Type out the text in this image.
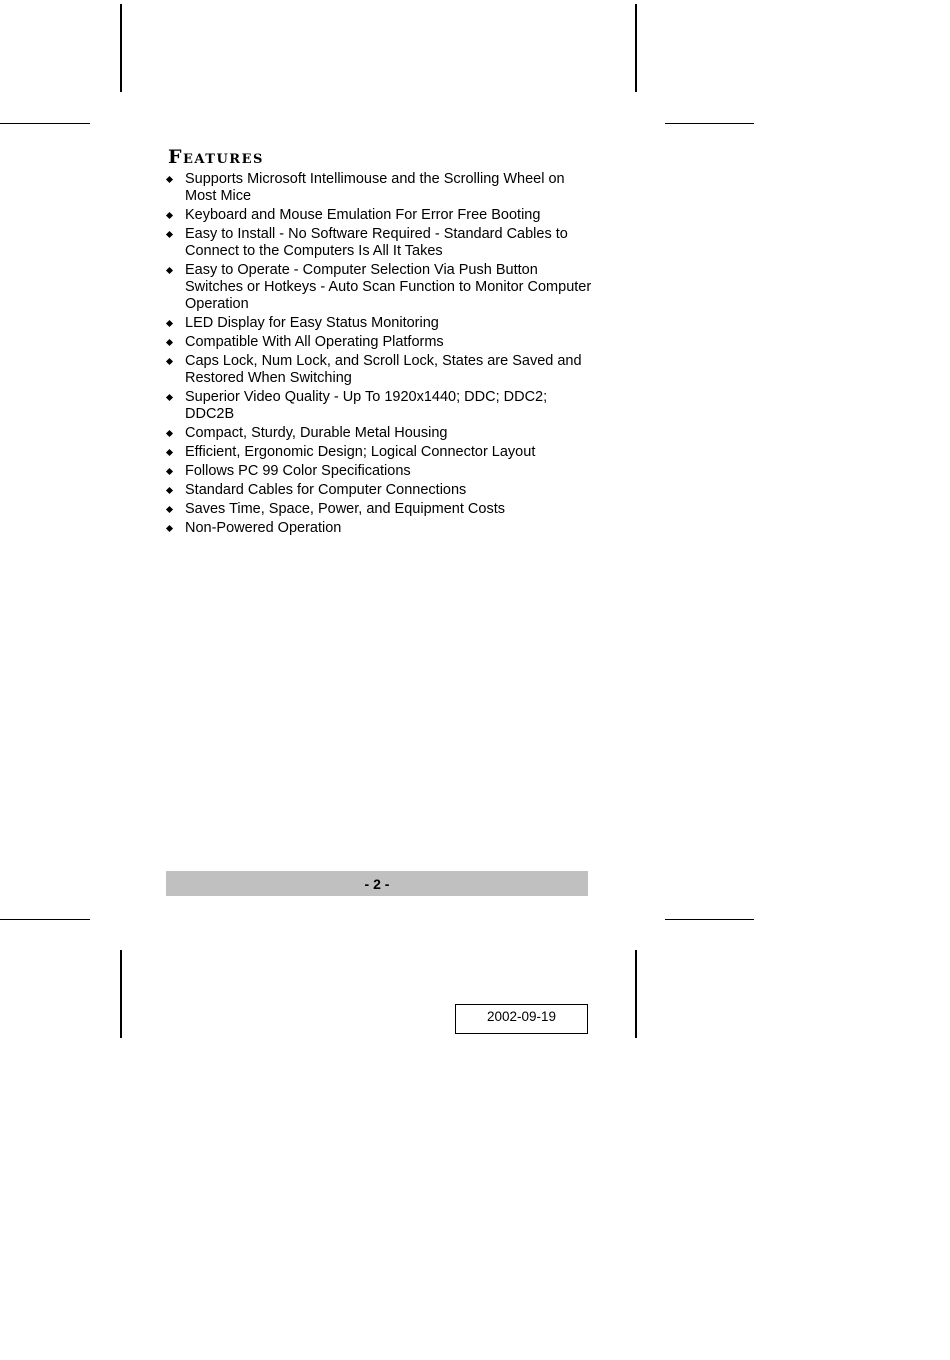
Features
Supports Microsoft Intellimouse and the Scrolling Wheel on Most Mice
Keyboard and Mouse Emulation For Error Free Booting
Easy to Install - No Software Required - Standard Cables to Connect to the Computers Is All It Takes
Easy to Operate - Computer Selection Via Push Button Switches or Hotkeys - Auto Scan Function to Monitor Computer Operation
LED Display for Easy Status Monitoring
Compatible With All Operating Platforms
Caps Lock, Num Lock, and Scroll Lock, States are Saved and Restored When Switching
Superior Video Quality - Up To 1920x1440; DDC; DDC2; DDC2B
Compact, Sturdy, Durable Metal Housing
Efficient, Ergonomic Design; Logical Connector Layout
Follows PC 99 Color Specifications
Standard Cables for Computer Connections
Saves Time, Space, Power, and Equipment Costs
Non-Powered Operation
- 2 -
2002-09-19
